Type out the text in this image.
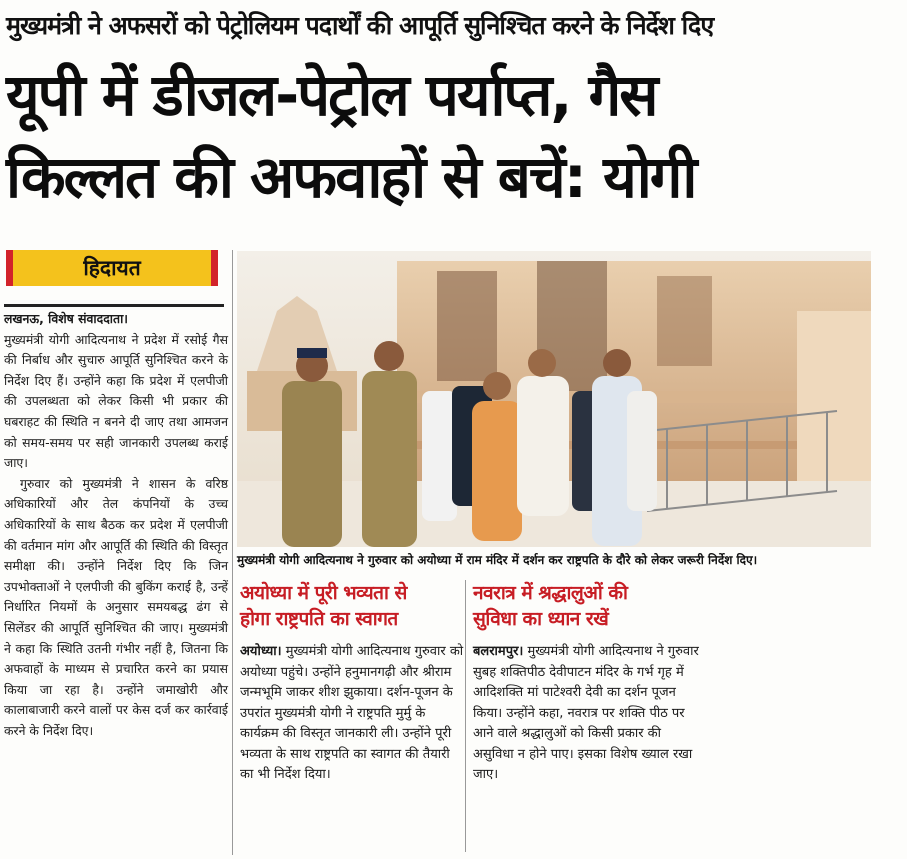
मुख्यमंत्री ने अफसरों को पेट्रोलियम पदार्थों की आपूर्ति सुनिश्चित करने के निर्देश दिए
यूपी में डीजल-पेट्रोल पर्याप्त, गैस
किल्लत की अफवाहों से बचें: योगी
हिदायत

लखनऊ, विशेष संवाददाता।

मुख्यमंत्री योगी आदित्यनाथ ने प्रदेश में रसोई गैस की निर्बाध और सुचारु आपूर्ति सुनिश्चित करने के निर्देश दिए हैं। उन्होंने कहा कि प्रदेश में एलपीजी की उपलब्धता को लेकर किसी भी प्रकार की घबराहट की स्थिति न बनने दी जाए तथा आमजन को समय-समय पर सही जानकारी उपलब्ध कराई जाए।

गुरुवार को मुख्यमंत्री ने शासन के वरिष्ठ अधिकारियों और तेल कंपनियों के उच्च अधिकारियों के साथ बैठक कर प्रदेश में एलपीजी की वर्तमान मांग और आपूर्ति की स्थिति की विस्तृत समीक्षा की। उन्होंने निर्देश दिए कि जिन उपभोक्ताओं ने एलपीजी की बुकिंग कराई है, उन्हें निर्धारित नियमों के अनुसार समयबद्ध ढंग से सिलेंडर की आपूर्ति सुनिश्चित की जाए। मुख्यमंत्री ने कहा कि स्थिति उतनी गंभीर नहीं है, जितना कि अफवाहों के माध्यम से प्रचारित करने का प्रयास किया जा रहा है। उन्होंने जमाखोरी और कालाबाजारी करने वालों पर केस दर्ज कर कार्रवाई करने के निर्देश दिए।

मुख्यमंत्री योगी आदित्यनाथ ने गुरुवार को अयोध्या में राम मंदिर में दर्शन कर राष्ट्रपति के दौरे को लेकर जरूरी निर्देश दिए।
अयोध्या में पूरी भव्यता से
होगा राष्ट्रपति का स्वागत
अयोध्या। मुख्यमंत्री योगी आदित्यनाथ गुरुवार को अयोध्या पहुंचे। उन्होंने हनुमानगढ़ी और श्रीराम जन्मभूमि जाकर शीश झुकाया। दर्शन-पूजन के उपरांत मुख्यमंत्री योगी ने राष्ट्रपति मुर्मु के कार्यक्रम की विस्तृत जानकारी ली। उन्होंने पूरी भव्यता के साथ राष्ट्रपति का स्वागत की तैयारी का भी निर्देश दिया।
नवरात्र में श्रद्धालुओं की
सुविधा का ध्यान रखें
बलरामपुर। मुख्यमंत्री योगी आदित्यनाथ ने गुरुवार सुबह शक्तिपीठ देवीपाटन मंदिर के गर्भ गृह में आदिशक्ति मां पाटेश्वरी देवी का दर्शन पूजन किया। उन्होंने कहा, नवरात्र पर शक्ति पीठ पर आने वाले श्रद्धालुओं को किसी प्रकार की असुविधा न होने पाए। इसका विशेष ख्याल रखा जाए।
